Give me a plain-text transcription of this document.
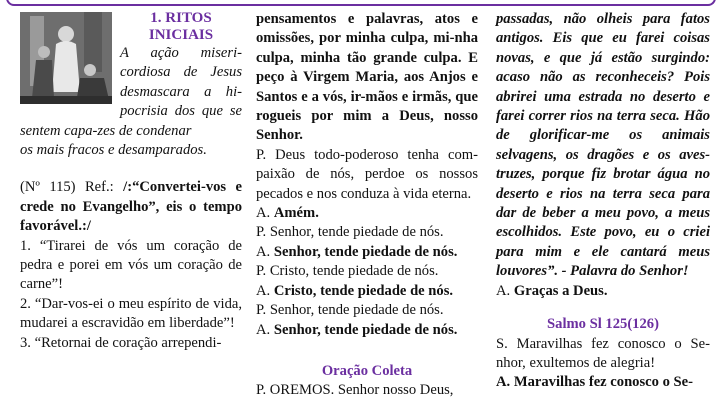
1. RITOS
INICIAIS

A ação miseri-cordiosa de Jesus desmascara a hi-pocrisia dos que se sentem capa-zes de condenar

os mais fracos e desamparados.

(Nº 115) Ref.: /:“Convertei-vos e crede no Evangelho”, eis o tempo favorável.:/

1. “Tirarei de vós um coração de pedra e porei em vós um coração de carne”!
2. “Dar-vos-ei o meu espírito de vida, mudarei a escravidão em liberdade”!
3. “Retornai de coração arrependi-

pensamentos e palavras, atos e omissões, por minha culpa, mi-nha culpa, minha tão grande culpa. E peço à Virgem Maria, aos Anjos e Santos e a vós, ir-mãos e irmãs, que rogueis por mim a Deus, nosso Senhor.

P. Deus todo-poderoso tenha com-paixão de nós, perdoe os nossos pecados e nos conduza à vida eterna.

A. Amém.

P. Senhor, tende piedade de nós.

A. Senhor, tende piedade de nós.

P. Cristo, tende piedade de nós.

A. Cristo, tende piedade de nós.

P. Senhor, tende piedade de nós.

A. Senhor, tende piedade de nós.

Oração Coleta

P. OREMOS. Senhor nosso Deus,

passadas, não olheis para fatos antigos. Eis que eu farei coisas novas, e que já estão surgindo: acaso não as reconheceis? Pois abrirei uma estrada no deserto e farei correr rios na terra seca. Hão de glorificar-me os animais selvagens, os dragões e os aves-truzes, porque fiz brotar água no deserto e rios na terra seca para dar de beber a meu povo, a meus escolhidos. Este povo, eu o criei para mim e ele cantará meus louvores”. - Palavra do Senhor!

A. Graças a Deus.

Salmo Sl 125(126)

S. Maravilhas fez conosco o Se-nhor, exultemos de alegria!

A. Maravilhas fez conosco o Se-
